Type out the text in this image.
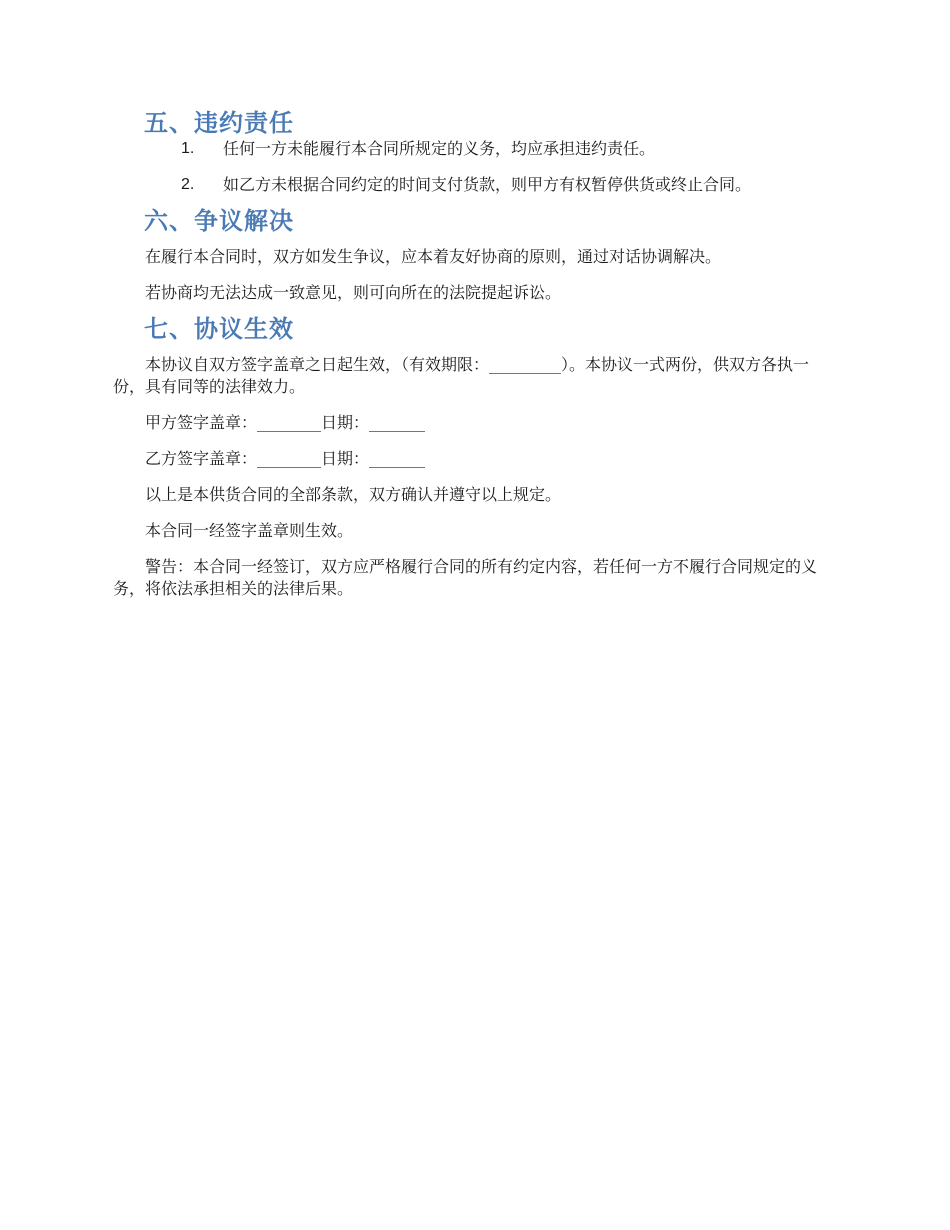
五、违约责任
1.	任何一方未能履行本合同所规定的义务，均应承担违约责任。
2.	如乙方未根据合同约定的时间支付货款，则甲方有权暂停供货或终止合同。
六、争议解决

在履行本合同时，双方如发生争议，应本着友好协商的原则，通过对话协调解决。

若协商均无法达成一致意见，则可向所在的法院提起诉讼。

七、协议生效

本协议自双方签字盖章之日起生效，（有效期限：_________）。本协议一式两份，供双方各执一份，具有同等的法律效力。

甲方签字盖章：________日期：_______

乙方签字盖章：________日期：_______

以上是本供货合同的全部条款，双方确认并遵守以上规定。

本合同一经签字盖章则生效。

警告：本合同一经签订，双方应严格履行合同的所有约定内容，若任何一方不履行合同规定的义务，将依法承担相关的法律后果。
